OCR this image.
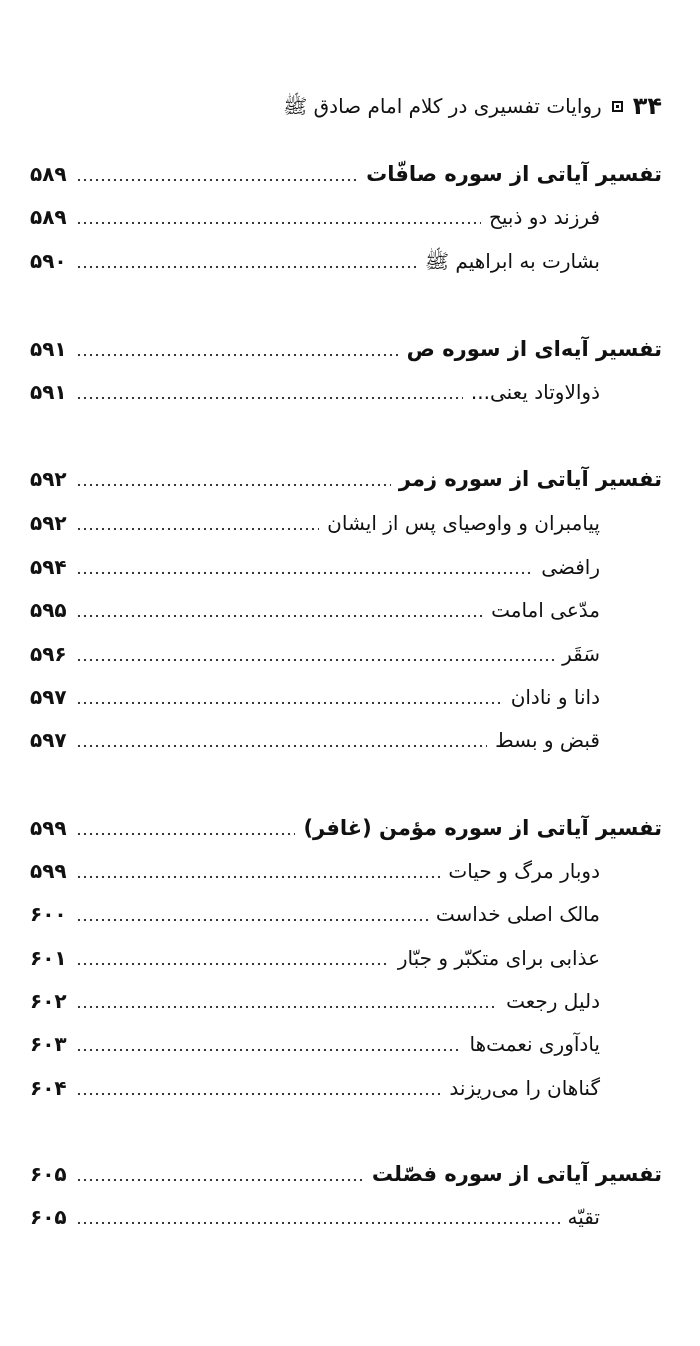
۳۴
روایات تفسیری در کلام امام صادق ﷺ
تفسیر آیاتی از سوره صافّات
۵۸۹
فرزند دو ذبیح
۵۸۹
بشارت به ابراهیم ﷺ
۵۹۰
تفسیر آیه‌ای از سوره ص
۵۹۱
ذوالاوتاد یعنی...
۵۹۱
تفسیر آیاتی از سوره زمر
۵۹۲
پیامبران و واوصیای پس از ایشان
۵۹۲
رافضی
۵۹۴
مدّعی امامت
۵۹۵
سَقَر
۵۹۶
دانا و نادان
۵۹۷
قبض و بسط
۵۹۷
تفسیر آیاتی از سوره مؤمن (غافر)
۵۹۹
دوبار مرگ و حیات
۵۹۹
مالک اصلی خداست
۶۰۰
عذابی برای متکبّر و جبّار
۶۰۱
دلیل رجعت
۶۰۲
یادآوری نعمت‌ها
۶۰۳
گناهان را می‌ریزند
۶۰۴
تفسیر آیاتی از سوره فصّلت
۶۰۵
تقیّه
۶۰۵
